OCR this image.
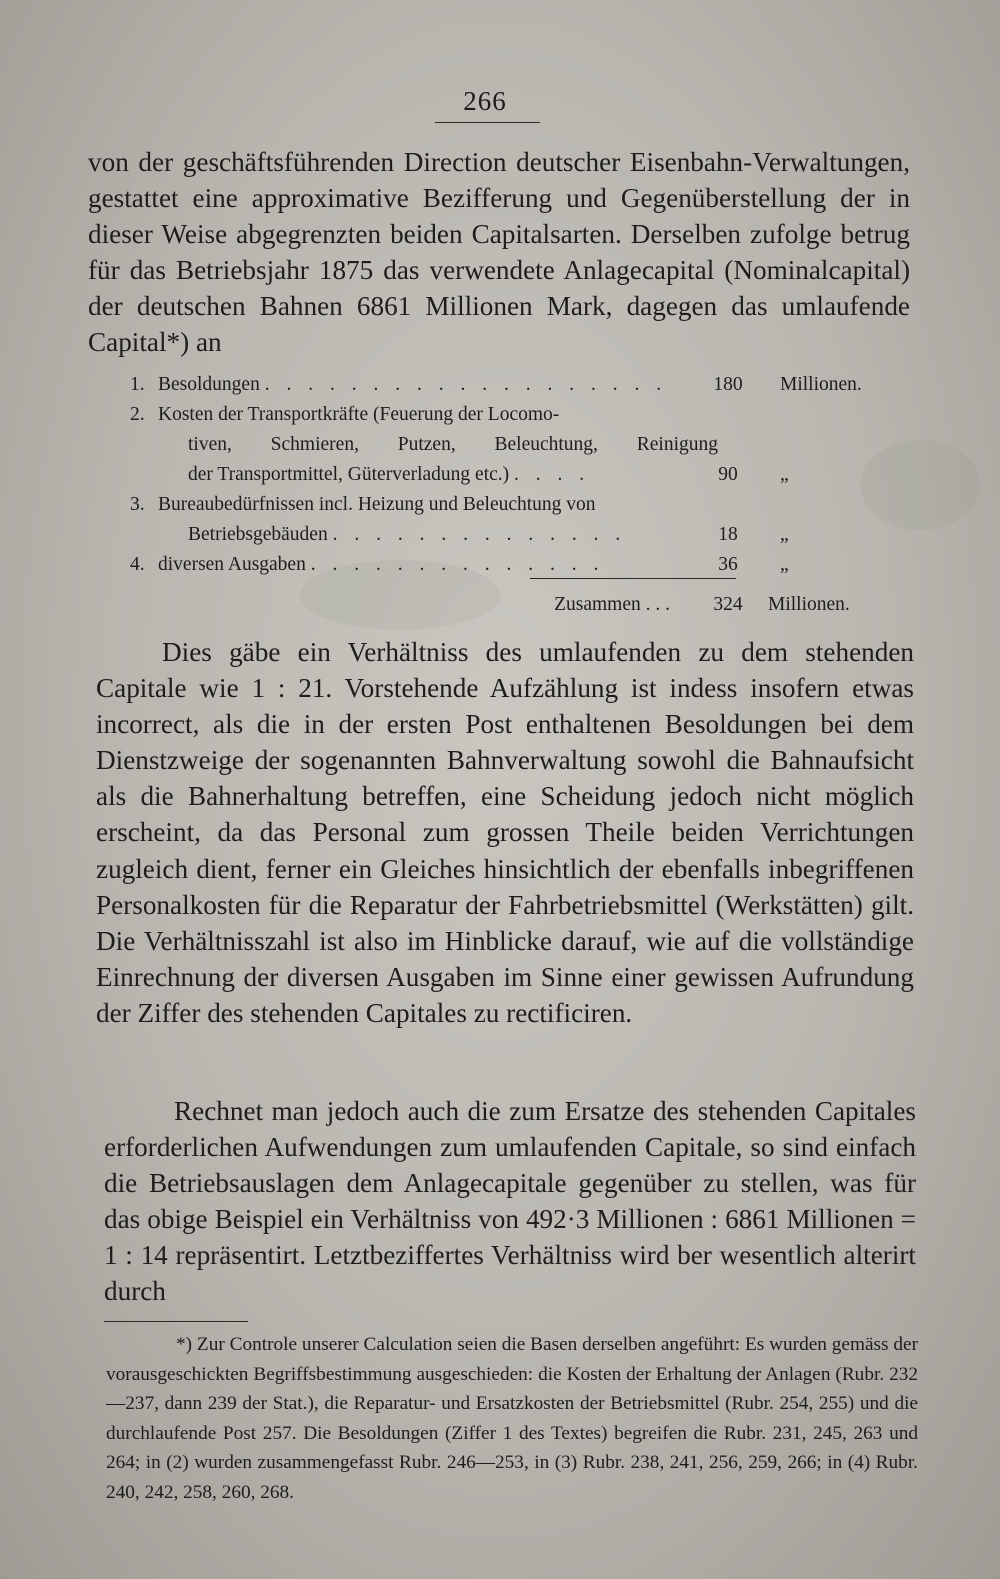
266
von der geschäftsführenden Direction deutscher Eisenbahn-Verwaltungen, gestattet eine approximative Bezifferung und Gegenüberstellung der in dieser Weise abgegrenzten beiden Capitalsarten. Derselben zufolge betrug für das Betriebsjahr 1875 das verwendete Anlagecapital (Nominalcapital) der deutschen Bahnen 6861 Millionen Mark, dagegen das umlaufende Capital*) an
1. Besoldungen . . . . . . . . . . . . . . . . . . .	180	Millionen.
2. Kosten der Transportkräfte (Feuerung der Locomo-
tiven, Schmieren, Putzen, Beleuchtung, Reinigung
der Transportmittel, Güterverladung etc.) . . . .	90	„
3. Bureaubedürfnissen incl. Heizung und Beleuchtung von
Betriebsgebäuden . . . . . . . . . . . . . .	18	„
4. diversen Ausgaben . . . . . . . . . . . . . .	36	„
Zusammen . . .	324	Millionen.
Dies gäbe ein Verhältniss des umlaufenden zu dem stehenden Capitale wie 1 : 21. Vorstehende Aufzählung ist indess insofern etwas incorrect, als die in der ersten Post enthaltenen Besoldungen bei dem Dienstzweige der sogenannten Bahnverwaltung sowohl die Bahnaufsicht als die Bahnerhaltung betreffen, eine Scheidung jedoch nicht möglich erscheint, da das Personal zum grossen Theile beiden Verrichtungen zugleich dient, ferner ein Gleiches hinsichtlich der ebenfalls inbegriffenen Personalkosten für die Reparatur der Fahrbetriebsmittel (Werkstätten) gilt. Die Verhältnisszahl ist also im Hinblicke darauf, wie auf die vollständige Einrechnung der diversen Ausgaben im Sinne einer gewissen Aufrundung der Ziffer des stehenden Capitales zu rectificiren.
Rechnet man jedoch auch die zum Ersatze des stehenden Capitales erforderlichen Aufwendungen zum umlaufenden Capitale, so sind einfach die Betriebsauslagen dem Anlagecapitale gegenüber zu stellen, was für das obige Beispiel ein Verhältniss von 492·3 Millionen : 6861 Millionen = 1 : 14 repräsentirt. Letztbeziffertes Verhältniss wird ber wesentlich alterirt durch
*) Zur Controle unserer Calculation seien die Basen derselben angeführt: Es wurden gemäss der vorausgeschickten Begriffsbestimmung ausgeschieden: die Kosten der Erhaltung der Anlagen (Rubr. 232—237, dann 239 der Stat.), die Reparatur- und Ersatzkosten der Betriebsmittel (Rubr. 254, 255) und die durchlaufende Post 257. Die Besoldungen (Ziffer 1 des Textes) begreifen die Rubr. 231, 245, 263 und 264; in (2) wurden zusammengefasst Rubr. 246—253, in (3) Rubr. 238, 241, 256, 259, 266; in (4) Rubr. 240, 242, 258, 260, 268.
